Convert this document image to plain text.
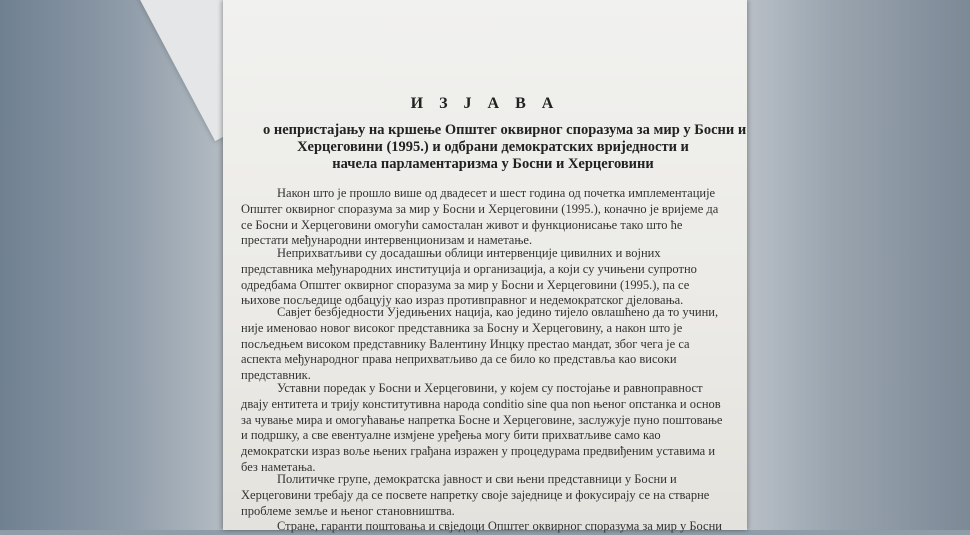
И З Ј А В А
о непристајању на кршење Општег оквирног споразума за мир у Босни и
Херцеговини (1995.) и одбрани демократских вриједности и
начела парламентаризма у Босни и Херцеговини
Након што је прошло више од двадесет и шест година од почетка имплементације
Општег оквирног споразума за мир у Босни и Херцеговини (1995.), коначно је вријеме да
се Босни и Херцеговини омогући самосталан живот и функционисање тако што ће
престати међународни интервенционизам и наметање.
Неприхватљиви су досадашњи облици интервенције цивилних и војних
представника међународних институција и организација, а који су учињени супротно
одредбама Општег оквирног споразума за мир у Босни и Херцеговини (1995.), па се
њихове посљедице одбацују као израз противправног и недемократског дјеловања.
Савјет безбједности Уједињених нација, као једино тијело овлашћено да то учини,
није именовао новог високог представника за Босну и Херцеговину, а након што је
посљедњем високом представнику Валентину Инцку престао мандат, због чега је са
аспекта међународног права неприхватљиво да се било ко представља као високи
представник.
Уставни поредак у Босни и Херцеговини, у којем су постојање и равноправност
двају ентитета и трију конститутивна народа conditio sine qua non њеног опстанка и основ
за чување мира и омогућавање напретка Босне и Херцеговине, заслужује пуно поштовање
и подршку, а све евентуалне измјене уређења могу бити прихватљиве само као
демократски израз воље њених грађана изражен у процедурама предвиђеним уставима и
без наметања.
Политичке групе, демократска јавност и сви њени представници у Босни и
Херцеговини требају да се посвете напретку своје заједнице и фокусирају се на стварне
проблеме земље и њеног становништва.
Стране, гаранти поштовања и свједоци Општег оквирног споразума за мир у Босни
